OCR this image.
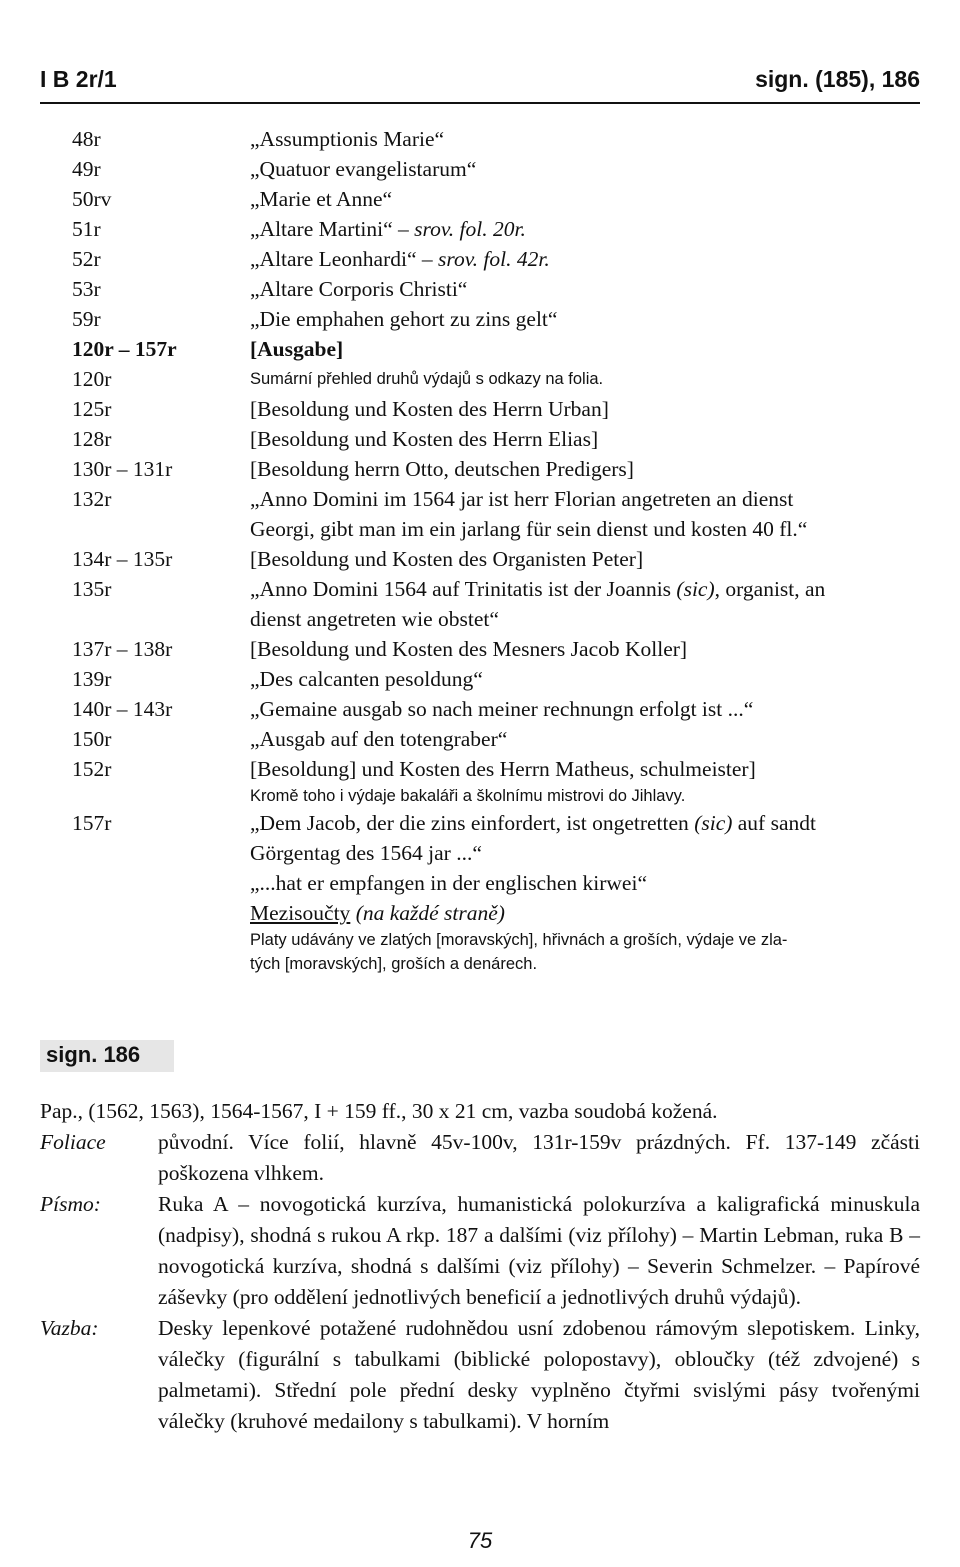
I B 2r/1	sign. (185), 186
48r	„Assumptionis Marie“
49r	„Quatuor evangelistarum“
50rv	„Marie et Anne“
51r	„Altare Martini“ – srov. fol. 20r.
52r	„Altare Leonhardi“ – srov. fol. 42r.
53r	„Altare Corporis Christi“
59r	„Die emphahen gehort zu zins gelt“
120r – 157r	[Ausgabe]
120r	Sumární přehled druhů výdajů s odkazy na folia.
125r	[Besoldung und Kosten des Herrn Urban]
128r	[Besoldung und Kosten des Herrn Elias]
130r – 131r	[Besoldung herrn Otto, deutschen Predigers]
132r	„Anno Domini im 1564 jar ist herr Florian angetreten an dienst
Georgi, gibt man im ein jarlang für sein dienst und kosten 40 fl.“
134r – 135r	[Besoldung und Kosten des Organisten Peter]
135r	„Anno Domini 1564 auf Trinitatis ist der Joannis (sic), organist, an
dienst angetreten wie obstet“
137r – 138r	[Besoldung und Kosten des Mesners Jacob Koller]
139r	„Des calcanten pesoldung“
140r – 143r	„Gemaine ausgab so nach meiner rechnungn erfolgt ist ...“
150r	„Ausgab auf den totengraber“
152r	[Besoldung] und Kosten des Herrn Matheus, schulmeister]
Kromě toho i výdaje bakaláři a školnímu mistrovi do Jihlavy.
157r	„Dem Jacob, der die zins einfordert, ist ongetretten (sic) auf sandt
Görgentag des 1564 jar ...“
„...hat er empfangen in der englischen kirwei“
Mezisoučty (na každé straně)
Platy udávány ve zlatých [moravských], hřivnách a groších, výdaje ve zla-
tých [moravských], groších a denárech.
sign. 186
Pap., (1562, 1563), 1564-1567, I + 159 ff., 30 x 21 cm, vazba soudobá kožená.
Foliace	původní. Více folií, hlavně 45v-100v, 131r-159v prázdných. Ff. 137-149 zčásti poškozena vlhkem.
Písmo:	Ruka A – novogotická kurzíva, humanistická polokurzíva a kaligrafická minuskula (nadpisy), shodná s rukou A rkp. 187 a dalšími (viz přílohy) – Martin Lebman, ruka B – novogotická kurzíva, shodná s dalšími (viz přílohy) – Severin Schmelzer. – Papírové záševky (pro oddělení jednotlivých beneficií a jednotlivých druhů výdajů).
Vazba:	Desky lepenkové potažené rudohnědou usní zdobenou rámovým slepotiskem. Linky, válečky (figurální s tabulkami (biblické polopostavy), obloučky (též zdvojené) s palmetami). Střední pole přední desky vyplněno čtyřmi svislými pásy tvořenými válečky (kruhové medailony s tabulkami). V horním
75
